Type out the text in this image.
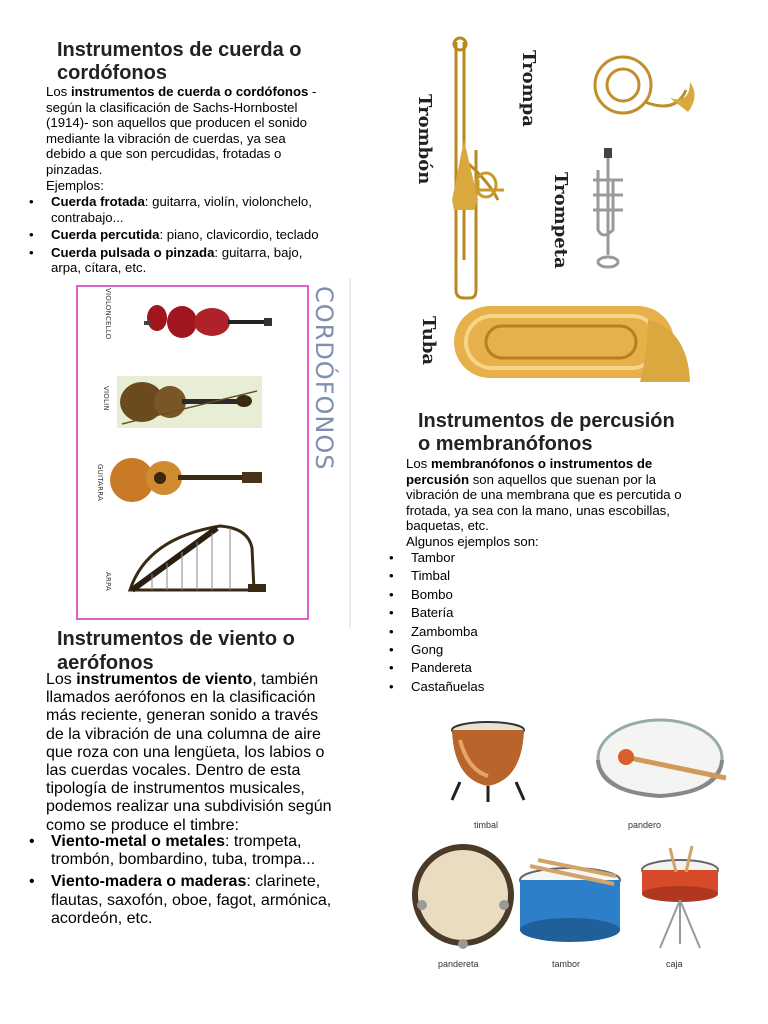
Instrumentos de cuerda o
cordófonos
Los instrumentos de cuerda o cordófonos -
según la clasificación de Sachs-Hornbostel
(1914)- son aquellos que producen el sonido
mediante la vibración de cuerdas, ya sea
debido a que son percudidas, frotadas o
pinzadas.
Ejemplos:
• Cuerda frotada: guitarra, violín, violonchelo,
contrabajo...
• Cuerda percutida: piano, clavicordio, teclado
• Cuerda pulsada o pinzada: guitarra, bajo,
arpa, cítara, etc.
VIOLONCELLO
VIOLIN
GUITARRA
ARPA
CORDÓFONOS
Instrumentos de viento o
aerófonos
Los instrumentos de viento, también
llamados aerófonos en la clasificación
más reciente, generan sonido a través
de la vibración de una columna de aire
que roza con una lengüeta, los labios o
las cuerdas vocales. Dentro de esta
tipología de instrumentos musicales,
podemos realizar una subdivisión según
como se produce el timbre:
• Viento-metal o metales: trompeta,
trombón, bombardino, tuba, trompa...
• Viento-madera o maderas: clarinete,
flautas, saxofón, oboe, fagot, armónica,
acordeón, etc.
Trompa
Trombón
Trompeta
Tuba
Instrumentos de percusión
o membranófonos
Los membranófonos o instrumentos de
percusión son aquellos que suenan por la
vibración de una membrana que es percutida o
frotada, ya sea con la mano, unas escobillas,
baquetas, etc.
Algunos ejemplos son:
• Tambor
• Timbal
• Bombo
• Batería
• Zambomba
• Gong
• Pandereta
• Castañuelas
timbal	pandero
pandereta	tambor	caja
